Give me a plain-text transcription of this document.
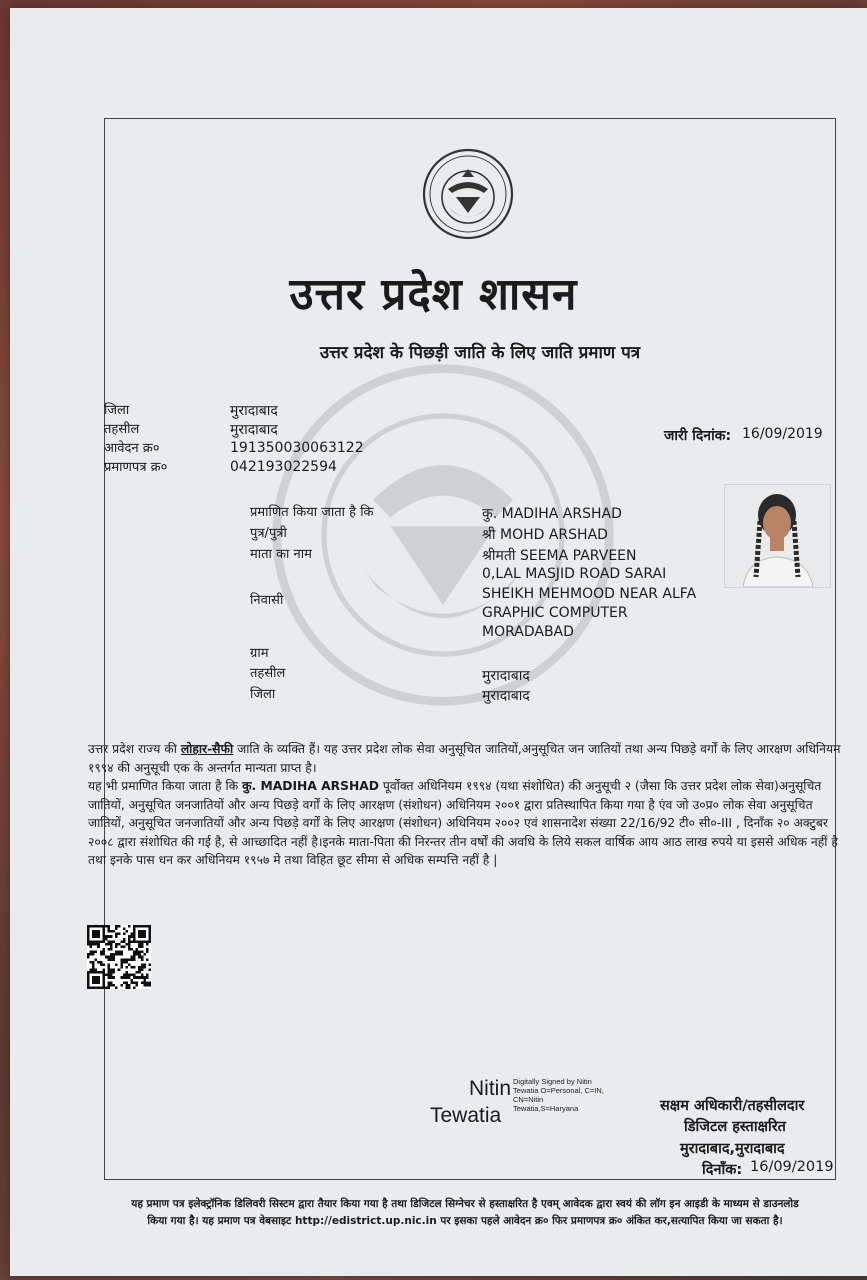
उत्तर प्रदेश शासन
उत्तर प्रदेश के पिछड़ी जाति के लिए जाति प्रमाण पत्र
जिला	मुरादाबाद
तहसील	मुरादाबाद
आवेदन क्र०	191350030063122
प्रमाणपत्र क्र०	042193022594
जारी दिनांक: 16/09/2019
प्रमाणित किया जाता है कि	कु. MADIHA ARSHAD
पुत्र/पुत्री	श्री MOHD ARSHAD
माता का नाम	श्रीमती SEEMA PARVEEN
0,LAL MASJID ROAD SARAI
निवासी	SHEIKH MEHMOOD NEAR ALFA
GRAPHIC COMPUTER
MORADABAD
ग्राम
तहसील	मुरादाबाद
जिला	मुरादाबाद

उत्तर प्रदेश राज्य की लोहार-सैफी जाति के व्यक्ति हैं। यह उत्तर प्रदेश लोक सेवा अनुसूचित जातियों,अनुसूचित जन जातियों तथा अन्य पिछड़े वर्गों के लिए आरक्षण अधिनियम १९९४ की अनुसूची एक के अन्तर्गत मान्यता प्राप्त है।

यह भी प्रमाणित किया जाता है कि कु. MADIHA ARSHAD पूर्वोक्त अधिनियम १९९४ (यथा संशोधित) की अनुसूची २ (जैसा कि उत्तर प्रदेश लोक सेवा)अनुसूचित जातियों, अनुसूचित जनजातियों और अन्य पिछड़े वर्गों के लिए आरक्षण (संशोधन) अधिनियम २००१ द्वारा प्रतिस्थापित किया गया है एंव जो उ०प्र० लोक सेवा अनुसूचित जातियों, अनुसूचित जनजातियों और अन्य पिछड़े वर्गों के लिए आरक्षण (संशोधन) अधिनियम २००२ एवं शासनादेश संख्या 22/16/92 टी० सी०-III , दिनाँक २० अक्टुबर २००८ द्वारा संशोधित की गई है, से आच्छादित नहीं है।इनके माता-पिता की निरन्तर तीन वर्षों की अवधि के लिये सकल वार्षिक आय आठ लाख रुपये या इससे अधिक नहीं है तथा इनके पास धन कर अधिनियम १९५७ मे तथा विहित छूट सीमा से अधिक सम्पत्ति नहीं है |

Nitin
Tewatia
Digitally Signed by Nitin
Tewatia O=Personal, C=IN,
CN=Nitin
Tewatia,S=Haryana	सक्षम अधिकारी/तहसीलदार
डिजिटल हस्ताक्षरित
मुरादाबाद,मुरादाबाद
दिनाँक: 16/09/2019
यह प्रमाण पत्र इलेक्ट्रॉनिक डिलिवरी सिस्टम द्वारा तैयार किया गया है तथा डिजिटल सिग्नेचर से हस्ताक्षरित है एवम् आवेदक द्वारा स्वयं की लॉग इन आइडी के माध्यम से डाउनलोड
किया गया है। यह प्रमाण पत्र वेबसाइट http://edistrict.up.nic.in पर इसका पहले आवेदन क्र० फिर प्रमाणपत्र क्र० अंकित कर,सत्यापित किया जा सकता है।
